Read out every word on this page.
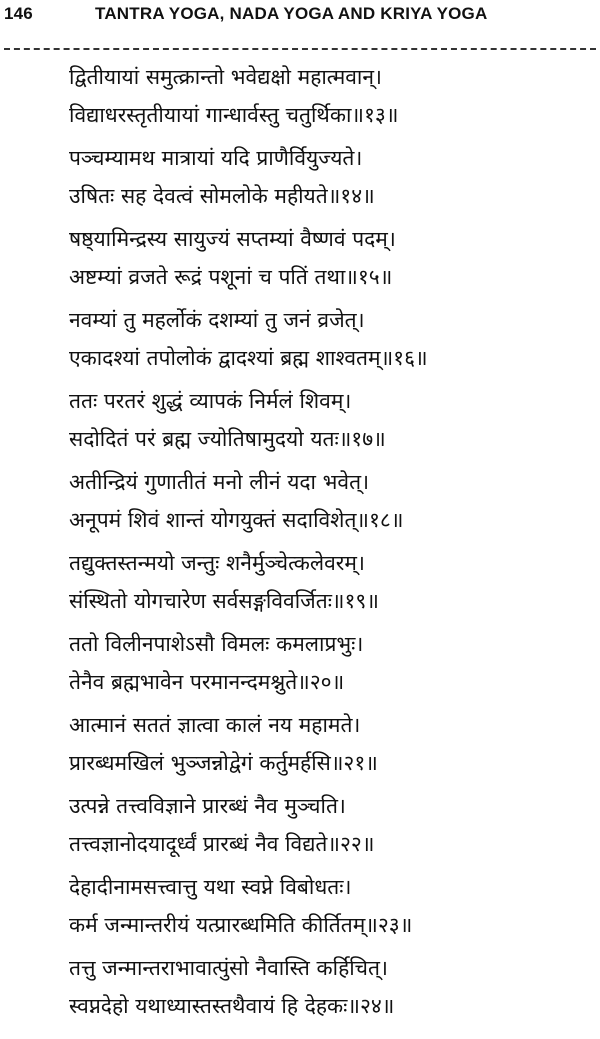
146	TANTRA YOGA, NADA YOGA AND KRIYA YOGA
द्वितीयायां समुत्क्रान्तो भवेद्यक्षो महात्मवान्।
विद्याधरस्तृतीयायां गान्धार्वस्तु चतुर्थिका॥१३॥
पञ्चम्यामथ मात्रायां यदि प्राणैर्वियुज्यते।
उषितः सह देवत्वं सोमलोके महीयते॥१४॥
षष्ठ्यामिन्द्रस्य सायुज्यं सप्तम्यां वैष्णवं पदम्।
अष्टम्यां व्रजते रूद्रं पशूनां च पतिं तथा॥१५॥
नवम्यां तु महर्लोकं दशम्यां तु जनं व्रजेत्।
एकादश्यां तपोलोकं द्वादश्यां ब्रह्म शाश्वतम्॥१६॥
ततः परतरं शुद्धं व्यापकं निर्मलं शिवम्।
सदोदितं परं ब्रह्म ज्योतिषामुदयो यतः॥१७॥
अतीन्द्रियं गुणातीतं मनो लीनं यदा भवेत्।
अनूपमं शिवं शान्तं योगयुक्तं सदाविशेत्॥१८॥
तद्युक्तस्तन्मयो जन्तुः शनैर्मुञ्चेत्कलेवरम्।
संस्थितो योगचारेण सर्वसङ्गविवर्जितः॥१९॥
ततो विलीनपाशेऽसौ विमलः कमलाप्रभुः।
तेनैव ब्रह्मभावेन परमानन्दमश्नुते॥२०॥
आत्मानं सततं ज्ञात्वा कालं नय महामते।
प्रारब्धमखिलं भुञ्जन्नोद्वेगं कर्तुमर्हसि॥२१॥
उत्पन्ने तत्त्वविज्ञाने प्रारब्धं नैव मुञ्चति।
तत्त्वज्ञानोदयादूर्ध्वं प्रारब्धं नैव विद्यते॥२२॥
देहादीनामसत्त्वात्तु यथा स्वप्ने विबोधतः।
कर्म जन्मान्तरीयं यत्प्रारब्धमिति कीर्तितम्॥२३॥
तत्तु जन्मान्तराभावात्पुंसो नैवास्ति कर्हिचित्।
स्वप्नदेहो यथाध्यास्तस्तथैवायं हि देहकः॥२४॥
